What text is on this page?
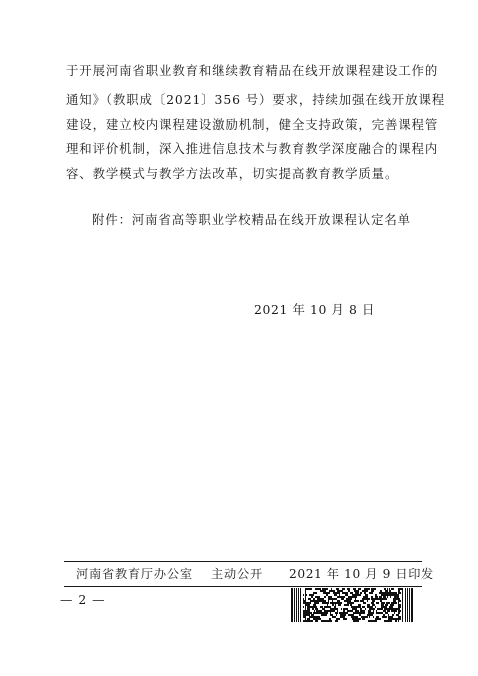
于开展河南省职业教育和继续教育精品在线开放课程建设工作的
通知》（教职成〔2021〕356 号）要求，持续加强在线开放课程
建设，建立校内课程建设激励机制，健全支持政策，完善课程管
理和评价机制，深入推进信息技术与教育教学深度融合的课程内
容、教学模式与教学方法改革，切实提高教育教学质量。
附件：河南省高等职业学校精品在线开放课程认定名单
2021 年 10 月 8 日
河南省教育厅办公室 主动公开 2021 年 10 月 9 日印发
— 2 —
